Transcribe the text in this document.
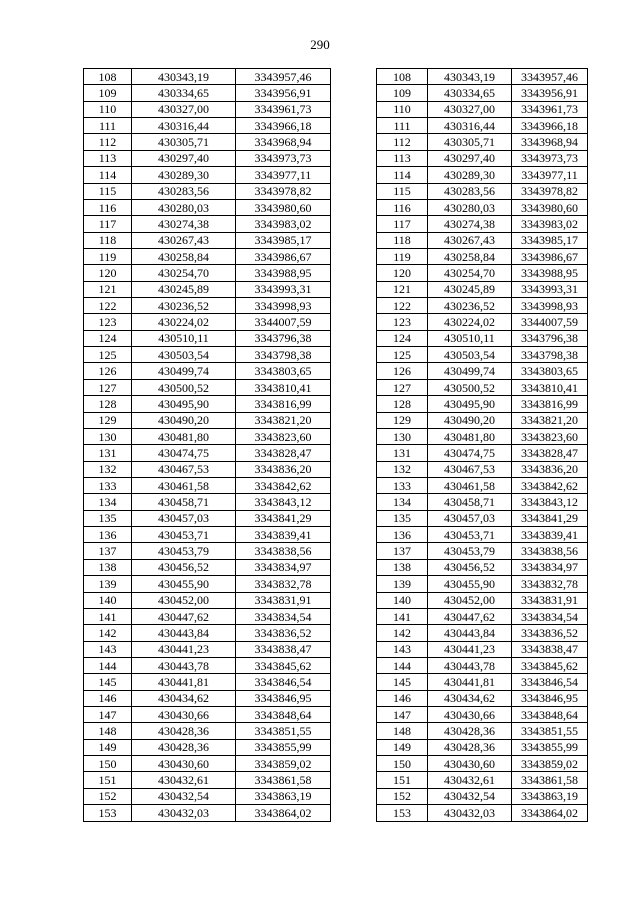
290
108	430343,19	3343957,46
109	430334,65	3343956,91
110	430327,00	3343961,73
111	430316,44	3343966,18
112	430305,71	3343968,94
113	430297,40	3343973,73
114	430289,30	3343977,11
115	430283,56	3343978,82
116	430280,03	3343980,60
117	430274,38	3343983,02
118	430267,43	3343985,17
119	430258,84	3343986,67
120	430254,70	3343988,95
121	430245,89	3343993,31
122	430236,52	3343998,93
123	430224,02	3344007,59
124	430510,11	3343796,38
125	430503,54	3343798,38
126	430499,74	3343803,65
127	430500,52	3343810,41
128	430495,90	3343816,99
129	430490,20	3343821,20
130	430481,80	3343823,60
131	430474,75	3343828,47
132	430467,53	3343836,20
133	430461,58	3343842,62
134	430458,71	3343843,12
135	430457,03	3343841,29
136	430453,71	3343839,41
137	430453,79	3343838,56
138	430456,52	3343834,97
139	430455,90	3343832,78
140	430452,00	3343831,91
141	430447,62	3343834,54
142	430443,84	3343836,52
143	430441,23	3343838,47
144	430443,78	3343845,62
145	430441,81	3343846,54
146	430434,62	3343846,95
147	430430,66	3343848,64
148	430428,36	3343851,55
149	430428,36	3343855,99
150	430430,60	3343859,02
151	430432,61	3343861,58
152	430432,54	3343863,19
153	430432,03	3343864,02
108	430343,19	3343957,46
109	430334,65	3343956,91
110	430327,00	3343961,73
111	430316,44	3343966,18
112	430305,71	3343968,94
113	430297,40	3343973,73
114	430289,30	3343977,11
115	430283,56	3343978,82
116	430280,03	3343980,60
117	430274,38	3343983,02
118	430267,43	3343985,17
119	430258,84	3343986,67
120	430254,70	3343988,95
121	430245,89	3343993,31
122	430236,52	3343998,93
123	430224,02	3344007,59
124	430510,11	3343796,38
125	430503,54	3343798,38
126	430499,74	3343803,65
127	430500,52	3343810,41
128	430495,90	3343816,99
129	430490,20	3343821,20
130	430481,80	3343823,60
131	430474,75	3343828,47
132	430467,53	3343836,20
133	430461,58	3343842,62
134	430458,71	3343843,12
135	430457,03	3343841,29
136	430453,71	3343839,41
137	430453,79	3343838,56
138	430456,52	3343834,97
139	430455,90	3343832,78
140	430452,00	3343831,91
141	430447,62	3343834,54
142	430443,84	3343836,52
143	430441,23	3343838,47
144	430443,78	3343845,62
145	430441,81	3343846,54
146	430434,62	3343846,95
147	430430,66	3343848,64
148	430428,36	3343851,55
149	430428,36	3343855,99
150	430430,60	3343859,02
151	430432,61	3343861,58
152	430432,54	3343863,19
153	430432,03	3343864,02
